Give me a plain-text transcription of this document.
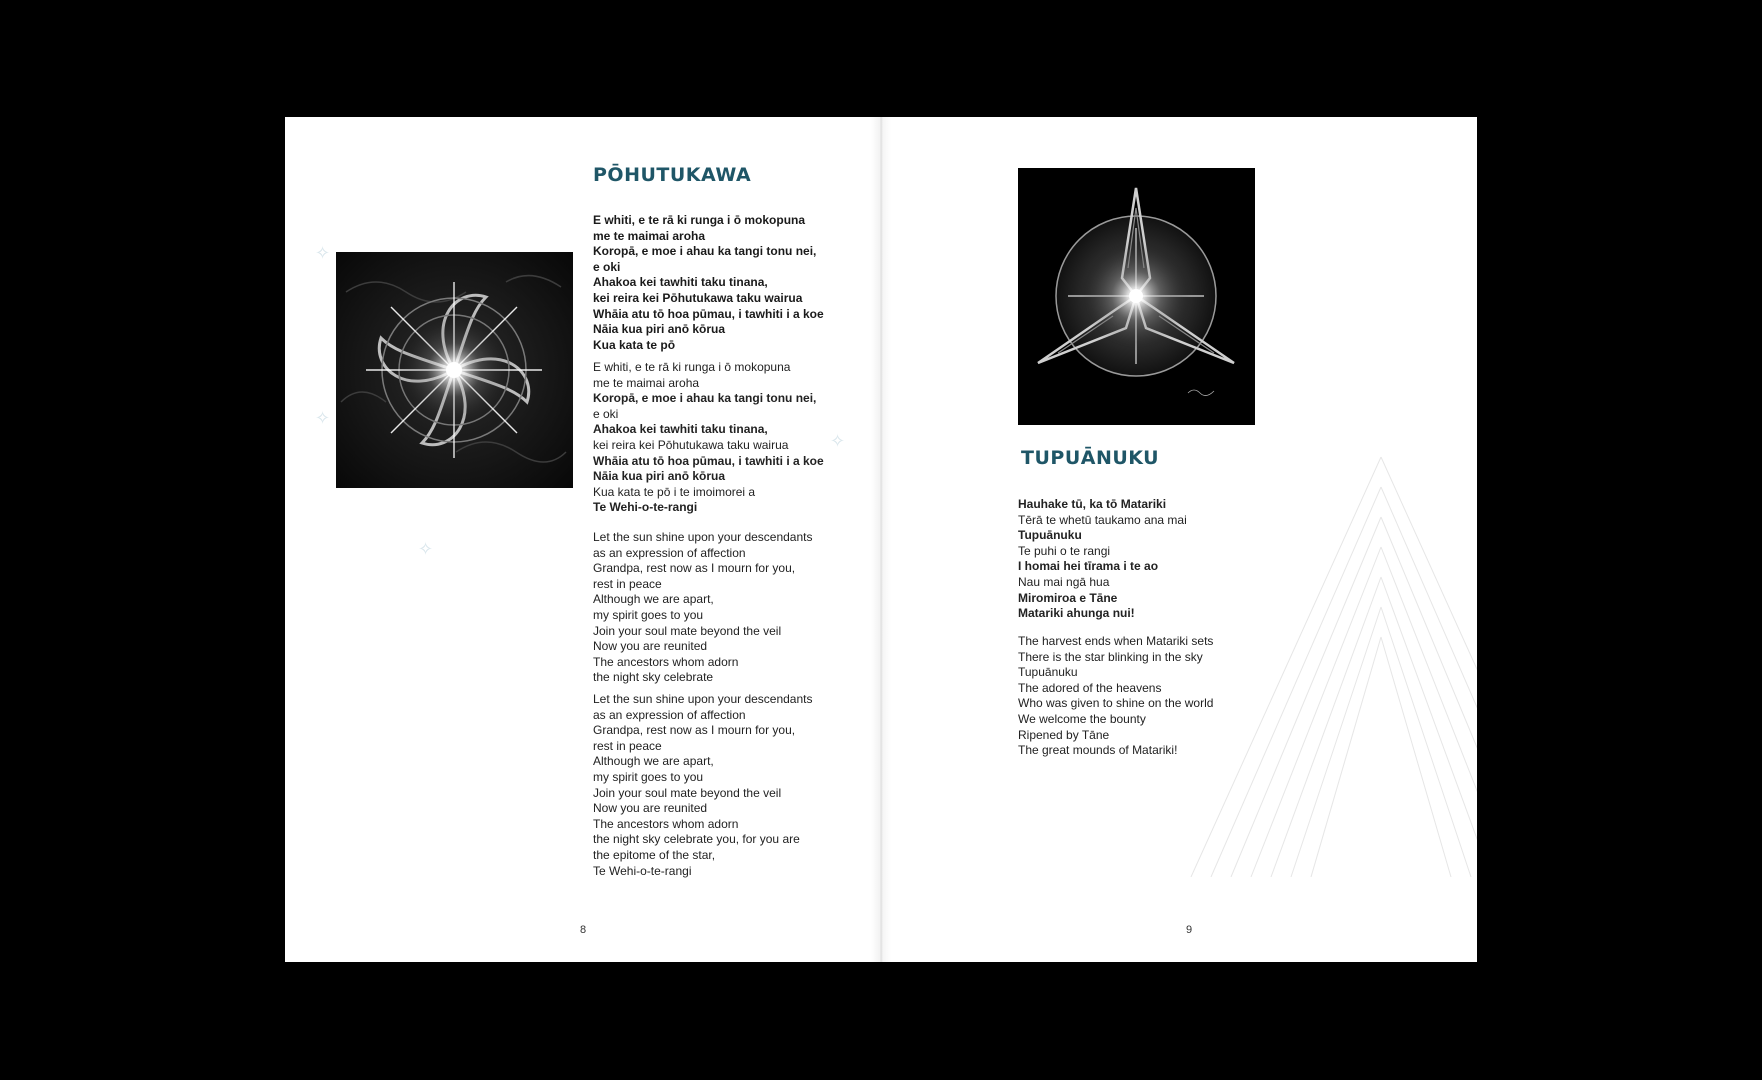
✧
✧
✧
✧
PŌHUTUKAWA
E whiti, e te rā ki runga i ō mokopuna
me te maimai aroha
Koropā, e moe i ahau ka tangi tonu nei,
e oki
Ahakoa kei tawhiti taku tinana,
kei reira kei Pōhutukawa taku wairua
Whāia atu tō hoa pūmau, i tawhiti i a koe
Nāia kua piri anō kōrua
Kua kata te pō
E whiti, e te rā ki runga i ō mokopuna
me te maimai aroha
Koropā, e moe i ahau ka tangi tonu nei,
e oki
Ahakoa kei tawhiti taku tinana,
kei reira kei Pōhutukawa taku wairua
Whāia atu tō hoa pūmau, i tawhiti i a koe
Nāia kua piri anō kōrua
Kua kata te pō i te imoimorei a
Te Wehi-o-te-rangi
Let the sun shine upon your descendants
as an expression of affection
Grandpa, rest now as I mourn for you,
rest in peace
Although we are apart,
my spirit goes to you
Join your soul mate beyond the veil
Now you are reunited
The ancestors whom adorn
the night sky celebrate
Let the sun shine upon your descendants
as an expression of affection
Grandpa, rest now as I mourn for you,
rest in peace
Although we are apart,
my spirit goes to you
Join your soul mate beyond the veil
Now you are reunited
The ancestors whom adorn
the night sky celebrate you, for you are
the epitome of the star,
Te Wehi-o-te-rangi
8
TUPUĀNUKU
Hauhake tū, ka tō Matariki
Tērā te whetū taukamo ana mai
Tupuānuku
Te puhi o te rangi
I homai hei tīrama i te ao
Nau mai ngā hua
Miromiroa e Tāne
Matariki ahunga nui!
The harvest ends when Matariki sets
There is the star blinking in the sky
Tupuānuku
The adored of the heavens
Who was given to shine on the world
We welcome the bounty
Ripened by Tāne
The great mounds of Matariki!
9
